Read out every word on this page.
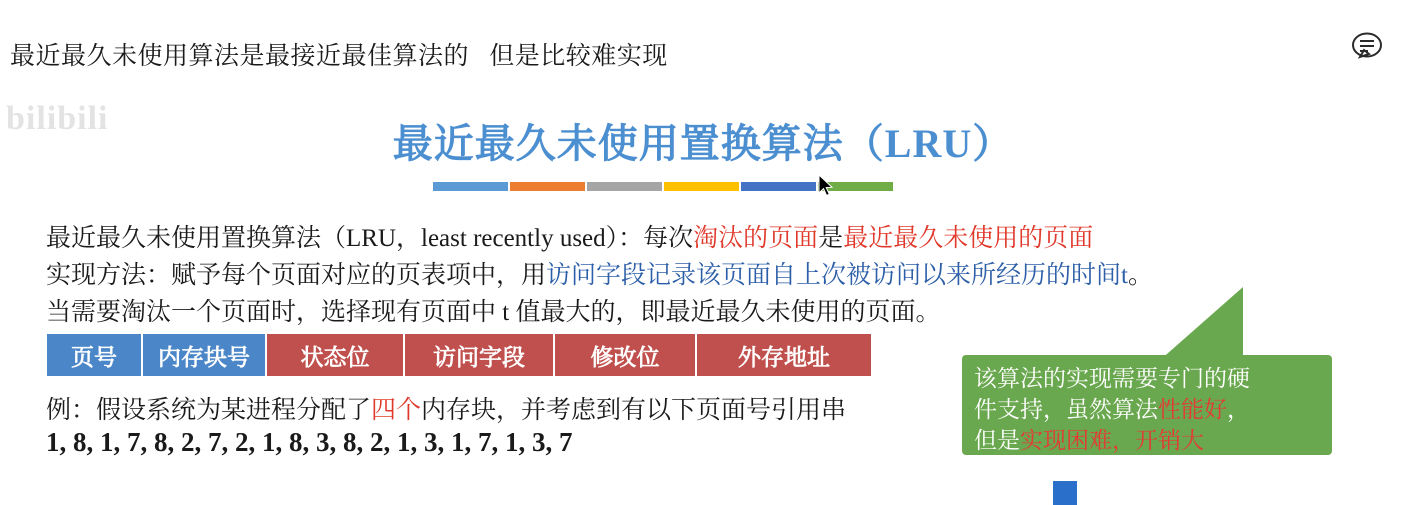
最近最久未使用算法是最接近最佳算法的   但是比较难实现
bilibili
最近最久未使用置换算法（LRU）
最近最久未使用置换算法（LRU，least recently used）：每次淘汰的页面是最近最久未使用的页面
实现方法：赋予每个页面对应的页表项中，用访问字段记录该页面自上次被访问以来所经历的时间t。
当需要淘汰一个页面时，选择现有页面中 t 值最大的，即最近最久未使用的页面。
页号	内存块号	状态位	访问字段	修改位	外存地址
例：假设系统为某进程分配了四个内存块，并考虑到有以下页面号引用串
1, 8, 1, 7, 8, 2, 7, 2, 1, 8, 3, 8, 2, 1, 3, 1, 7, 1, 3, 7
该算法的实现需要专门的硬
件支持，虽然算法性能好，
但是实现困难，开销大
